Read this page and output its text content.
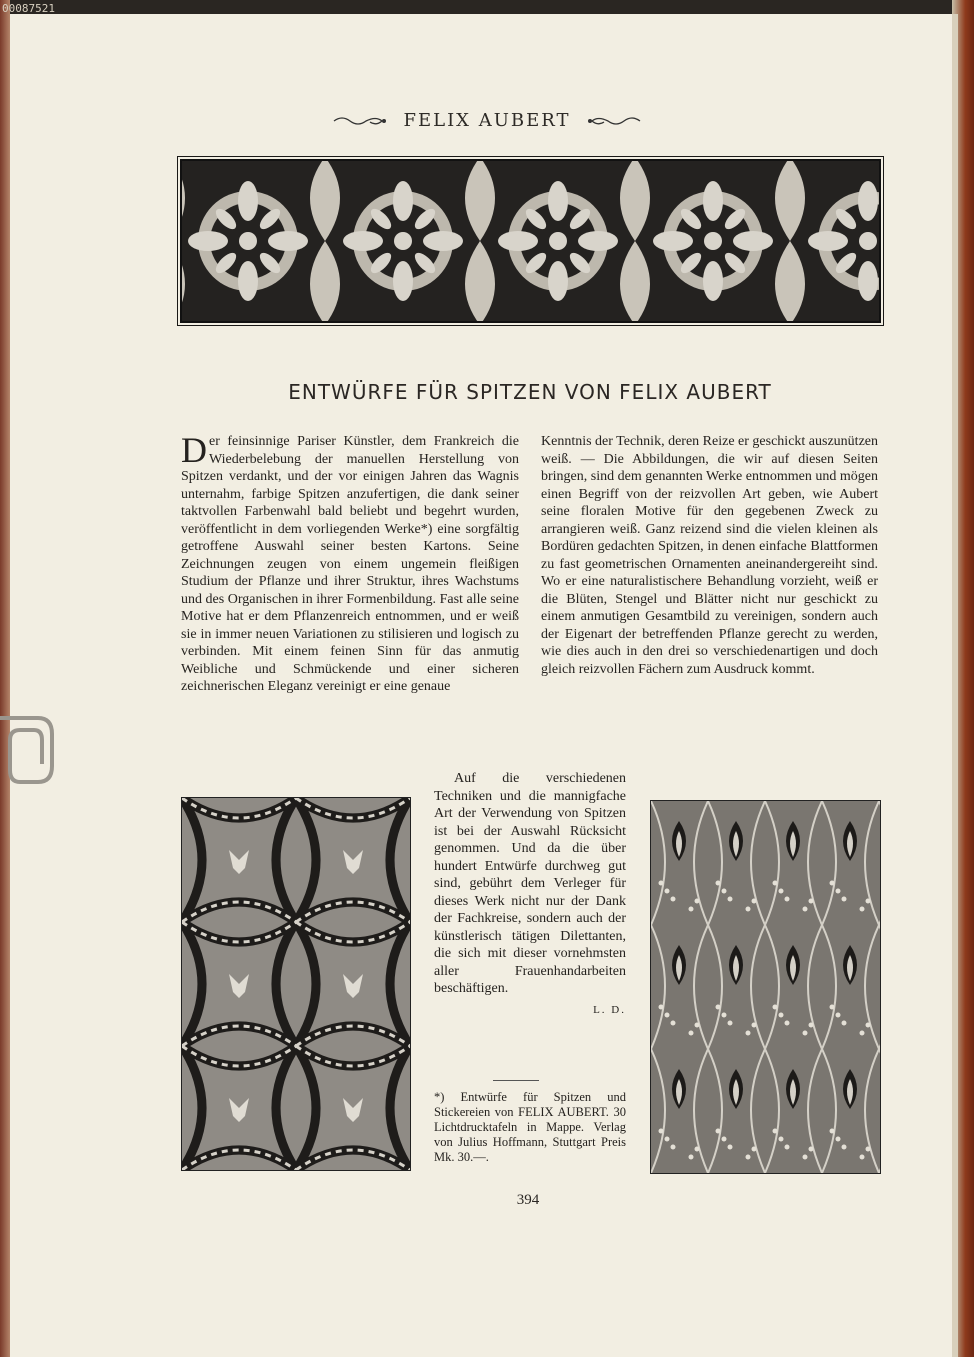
00087521
FELIX AUBERT
ENTWÜRFE FÜR SPITZEN VON FELIX AUBERT

Der feinsinnige Pariser Künstler, dem Frankreich die Wiederbelebung der manuellen Herstellung von Spitzen verdankt, und der vor einigen Jahren das Wagnis unternahm, farbige Spitzen anzufertigen, die dank seiner taktvollen Farbenwahl bald beliebt und begehrt wurden, veröffentlicht in dem vorliegenden Werke*) eine sorgfältig getroffene Auswahl seiner besten Kartons. Seine Zeichnungen zeugen von einem ungemein fleißigen Studium der Pflanze und ihrer Struktur, ihres Wachstums und des Organischen in ihrer Formenbildung. Fast alle seine Motive hat er dem Pflanzenreich entnommen, und er weiß sie in immer neuen Variationen zu stilisieren und logisch zu verbinden. Mit einem feinen Sinn für das anmutig Weibliche und Schmückende und einer sicheren zeichnerischen Eleganz vereinigt er eine genaue

Kenntnis der Technik, deren Reize er geschickt auszunützen weiß. — Die Abbildungen, die wir auf diesen Seiten bringen, sind dem genannten Werke entnommen und mögen einen Begriff von der reizvollen Art geben, wie Aubert seine floralen Motive für den gegebenen Zweck zu arrangieren weiß. Ganz reizend sind die vielen kleinen als Bordüren gedachten Spitzen, in denen einfache Blattformen zu fast geometrischen Ornamenten aneinandergereiht sind. Wo er eine naturalistischere Behandlung vorzieht, weiß er die Blüten, Stengel und Blätter nicht nur geschickt zu einem anmutigen Gesamtbild zu vereinigen, sondern auch der Eigenart der betreffenden Pflanze gerecht zu werden, wie dies auch in den drei so verschiedenartigen und doch gleich reizvollen Fächern zum Ausdruck kommt.

Auf die verschiedenen Techniken und die mannigfache Art der Verwendung von Spitzen ist bei der Auswahl Rücksicht genommen. Und da die über hundert Entwürfe durchweg gut sind, gebührt dem Verleger für dieses Werk nicht nur der Dank der Fachkreise, sondern auch der künstlerisch tätigen Dilettanten, die sich mit dieser vornehmsten aller Frauenhandarbeiten beschäftigen.

L. D.

*) Entwürfe für Spitzen und Stickereien von FELIX AUBERT. 30 Lichtdrucktafeln in Mappe. Verlag von Julius Hoffmann, Stuttgart Preis Mk. 30.—.
394
